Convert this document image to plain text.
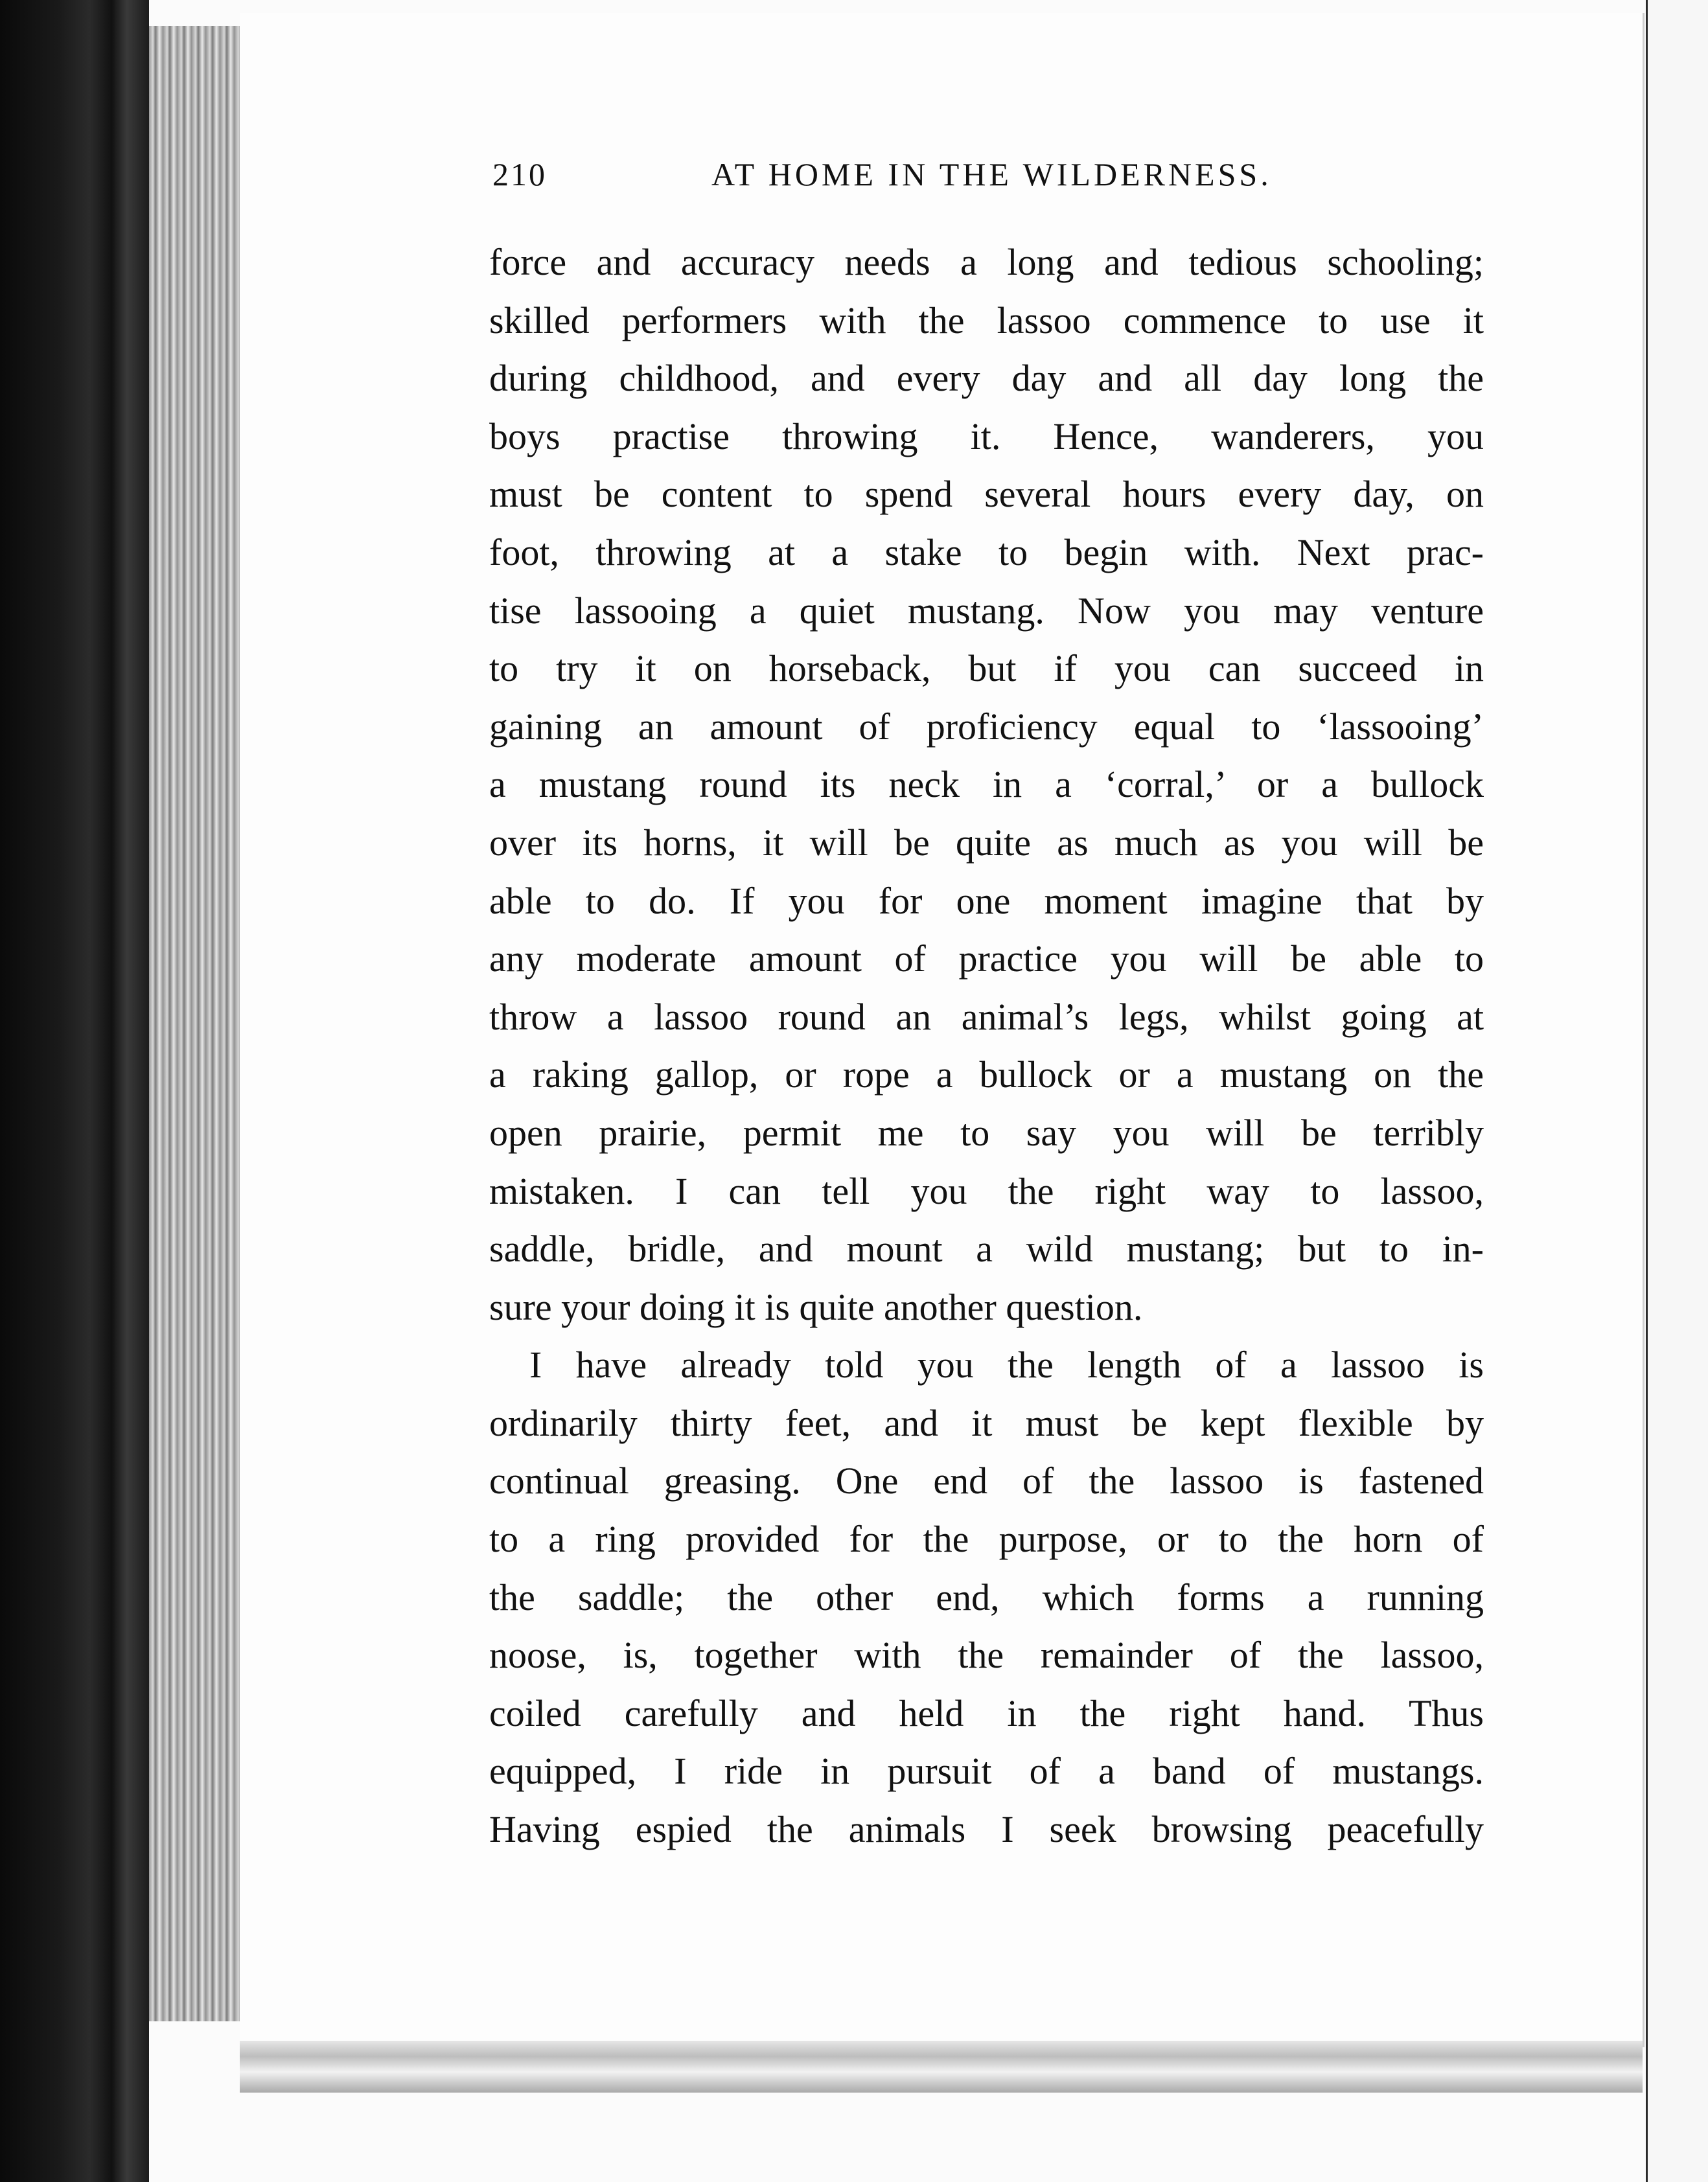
210	AT HOME IN THE WILDERNESS.
force and accuracy needs a long and tedious schooling;
skilled performers with the lassoo commence to use it
during childhood, and every day and all day long the
boys practise throwing it. Hence, wanderers, you
must be content to spend several hours every day, on
foot, throwing at a stake to begin with. Next prac-
tise lassooing a quiet mustang. Now you may venture
to try it on horseback, but if you can succeed in
gaining an amount of proficiency equal to ‘lassooing’
a mustang round its neck in a ‘corral,’ or a bullock
over its horns, it will be quite as much as you will be
able to do. If you for one moment imagine that by
any moderate amount of practice you will be able to
throw a lassoo round an animal’s legs, whilst going at
a raking gallop, or rope a bullock or a mustang on the
open prairie, permit me to say you will be terribly
mistaken. I can tell you the right way to lassoo,
saddle, bridle, and mount a wild mustang; but to in-
sure your doing it is quite another question.
I have already told you the length of a lassoo is
ordinarily thirty feet, and it must be kept flexible by
continual greasing. One end of the lassoo is fastened
to a ring provided for the purpose, or to the horn of
the saddle; the other end, which forms a running
noose, is, together with the remainder of the lassoo,
coiled carefully and held in the right hand. Thus
equipped, I ride in pursuit of a band of mustangs.
Having espied the animals I seek browsing peacefully
